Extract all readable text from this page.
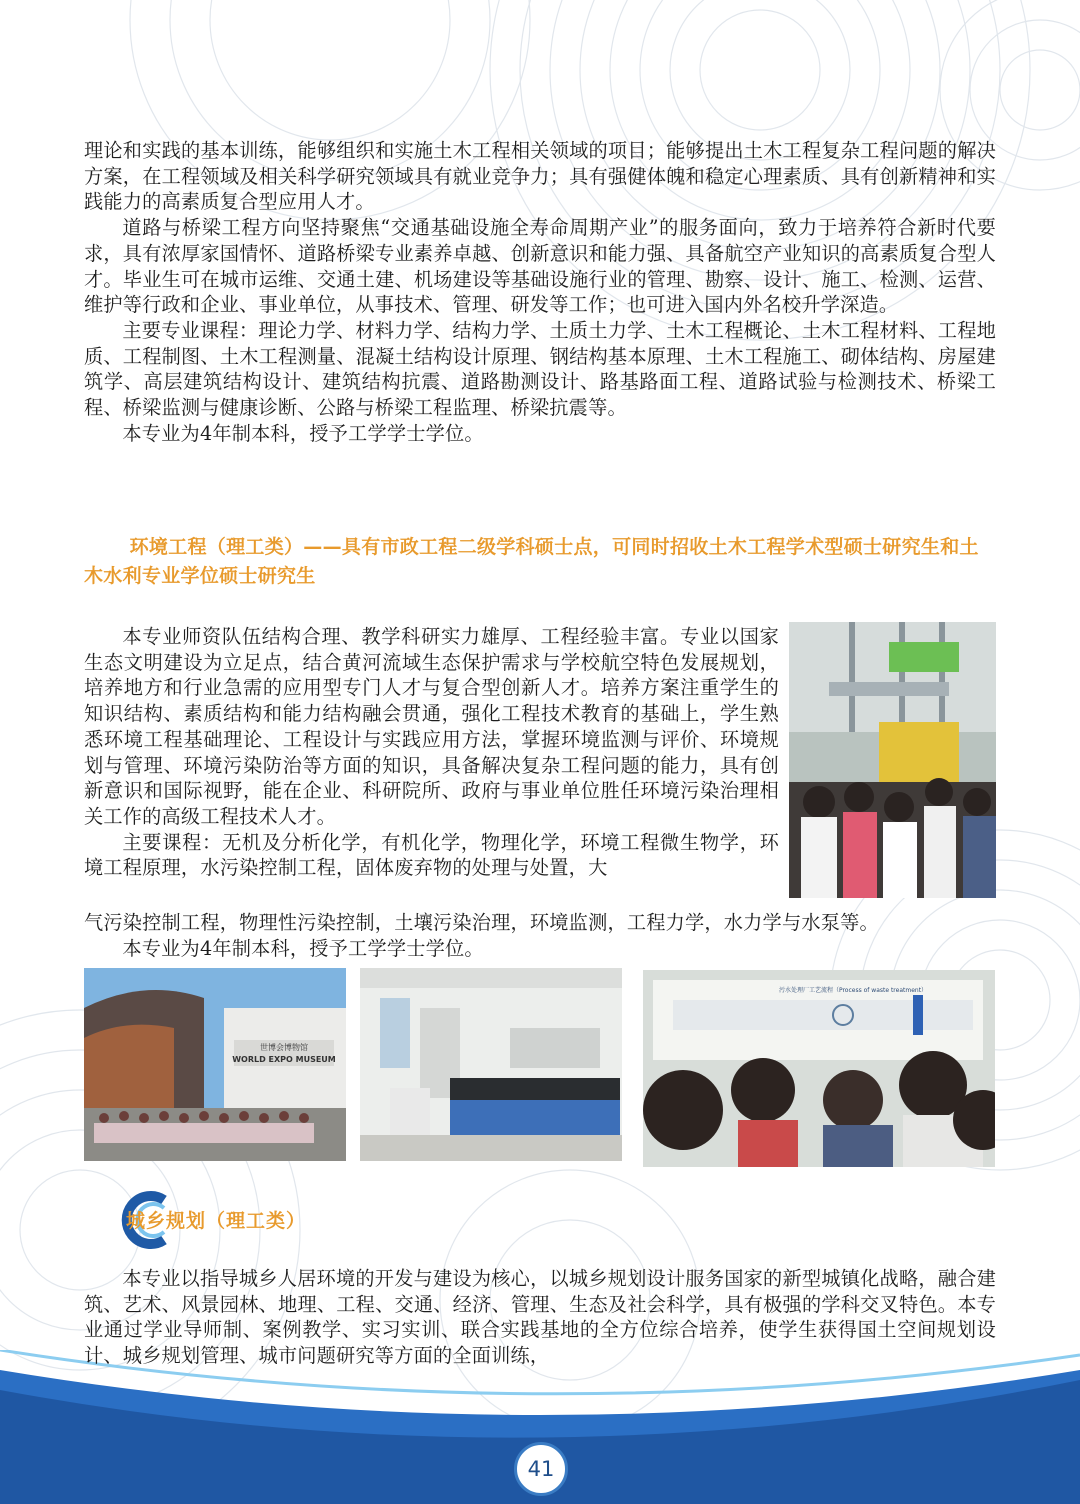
理论和实践的基本训练，能够组织和实施土木工程相关领域的项目；能够提出土木工程复杂工程问题的解决方案，在工程领域及相关科学研究领域具有就业竞争力；具有强健体魄和稳定心理素质、具有创新精神和实践能力的高素质复合型应用人才。

道路与桥梁工程方向坚持聚焦“交通基础设施全寿命周期产业”的服务面向，致力于培养符合新时代要求，具有浓厚家国情怀、道路桥梁专业素养卓越、创新意识和能力强、具备航空产业知识的高素质复合型人才。毕业生可在城市运维、交通土建、机场建设等基础设施行业的管理、勘察、设计、施工、检测、运营、维护等行政和企业、事业单位，从事技术、管理、研发等工作；也可进入国内外名校升学深造。

主要专业课程：理论力学、材料力学、结构力学、土质土力学、土木工程概论、土木工程材料、工程地质、工程制图、土木工程测量、混凝土结构设计原理、钢结构基本原理、土木工程施工、砌体结构、房屋建筑学、高层建筑结构设计、建筑结构抗震、道路勘测设计、路基路面工程、道路试验与检测技术、桥梁工程、桥梁监测与健康诊断、公路与桥梁工程监理、桥梁抗震等。

本专业为4年制本科，授予工学学士学位。

环境工程（理工类）——具有市政工程二级学科硕士点，可同时招收土木工程学术型硕士研究生和土木水利专业学位硕士研究生

本专业师资队伍结构合理、教学科研实力雄厚、工程经验丰富。专业以国家生态文明建设为立足点，结合黄河流域生态保护需求与学校航空特色发展规划，培养地方和行业急需的应用型专门人才与复合型创新人才。培养方案注重学生的知识结构、素质结构和能力结构融会贯通，强化工程技术教育的基础上，学生熟悉环境工程基础理论、工程设计与实践应用方法，掌握环境监测与评价、环境规划与管理、环境污染防治等方面的知识，具备解决复杂工程问题的能力，具有创新意识和国际视野，能在企业、科研院所、政府与事业单位胜任环境污染治理相关工作的高级工程技术人才。

主要课程：无机及分析化学，有机化学，物理化学，环境工程微生物学，环境工程原理，水污染控制工程，固体废弃物的处理与处置，大

气污染控制工程，物理性污染控制，土壤污染治理，环境监测，工程力学，水力学与水泵等。

本专业为4年制本科，授予工学学士学位。

世博会博物馆
WORLD EXPO MUSEUM
污水处理厂工艺流程（Process of waste treatment）
城乡规划（理工类）

本专业以指导城乡人居环境的开发与建设为核心，以城乡规划设计服务国家的新型城镇化战略，融合建筑、艺术、风景园林、地理、工程、交通、经济、管理、生态及社会科学，具有极强的学科交叉特色。本专业通过学业导师制、案例教学、实习实训、联合实践基地的全方位综合培养，使学生获得国土空间规划设计、城乡规划管理、城市问题研究等方面的全面训练，

41
